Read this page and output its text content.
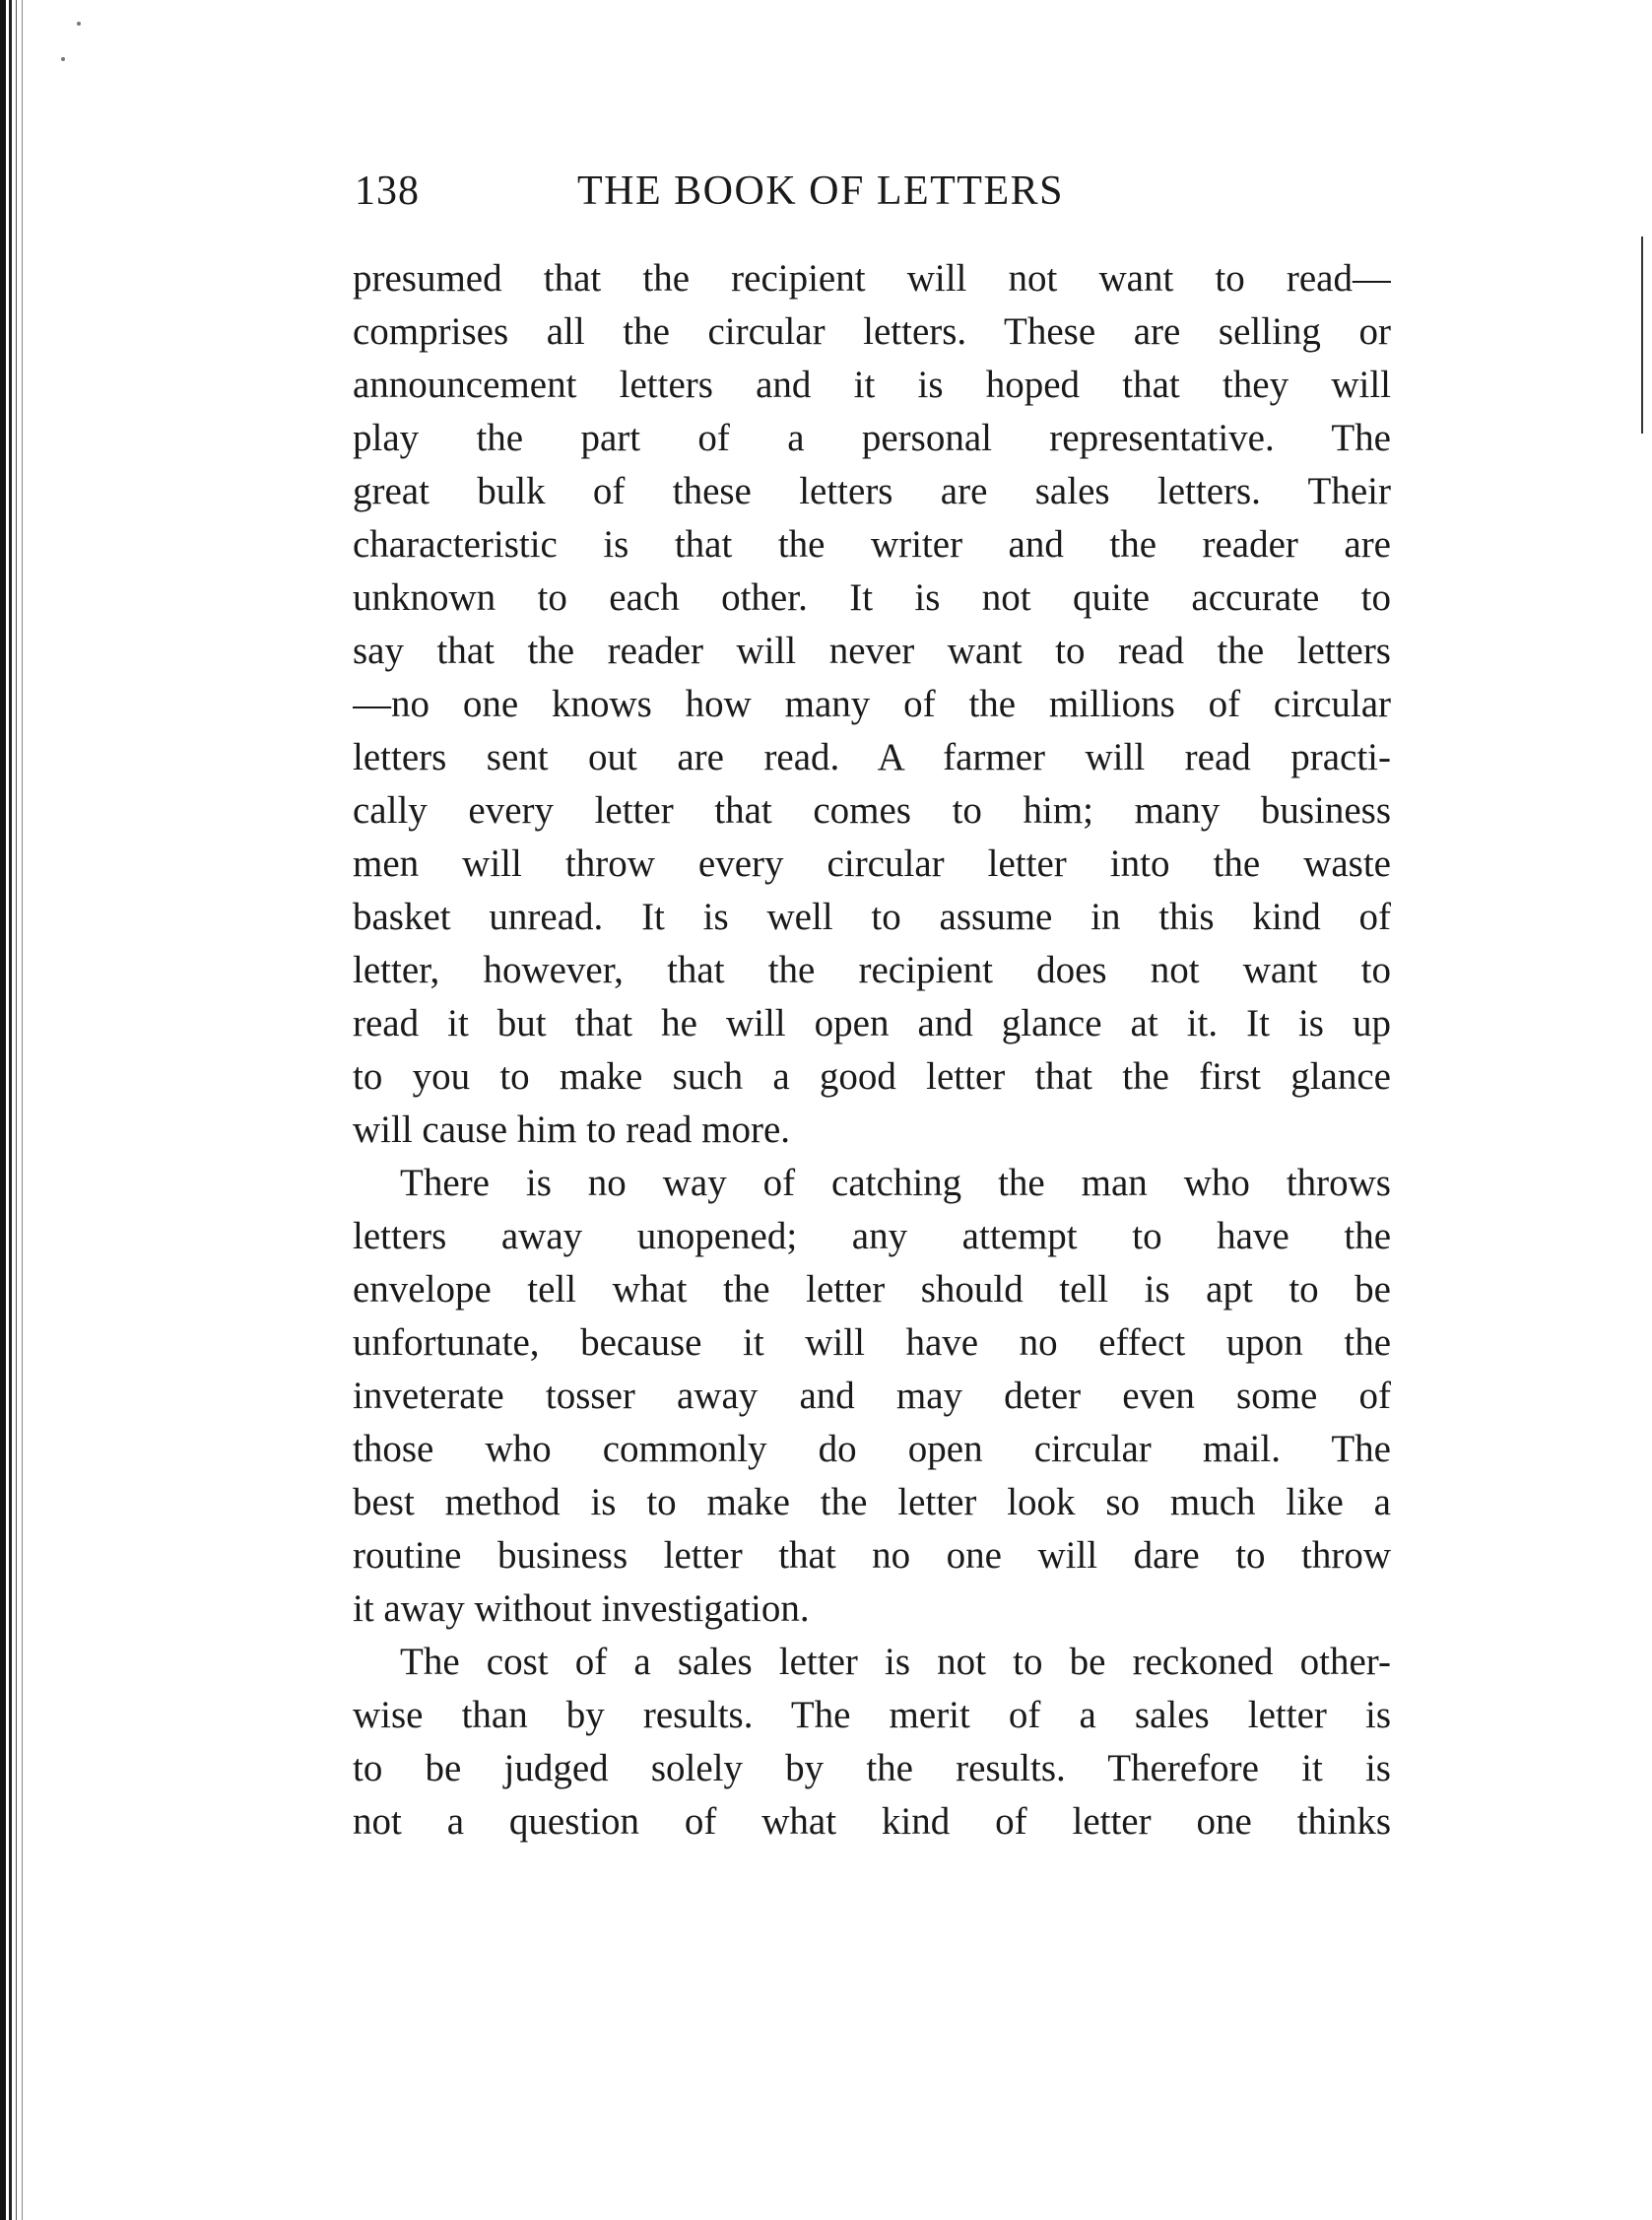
138	THE BOOK OF LETTERS
presumed that the recipient will not want to read—
comprises all the circular letters. These are selling or
announcement letters and it is hoped that they will
play the part of a personal representative. The
great bulk of these letters are sales letters. Their
characteristic is that the writer and the reader are
unknown to each other. It is not quite accurate to
say that the reader will never want to read the letters
—no one knows how many of the millions of circular
letters sent out are read. A farmer will read practi-
cally every letter that comes to him; many business
men will throw every circular letter into the waste
basket unread. It is well to assume in this kind of
letter, however, that the recipient does not want to
read it but that he will open and glance at it. It is up
to you to make such a good letter that the first glance
will cause him to read more.
There is no way of catching the man who throws
letters away unopened; any attempt to have the
envelope tell what the letter should tell is apt to be
unfortunate, because it will have no effect upon the
inveterate tosser away and may deter even some of
those who commonly do open circular mail. The
best method is to make the letter look so much like a
routine business letter that no one will dare to throw
it away without investigation.
The cost of a sales letter is not to be reckoned other-
wise than by results. The merit of a sales letter is
to be judged solely by the results. Therefore it is
not a question of what kind of letter one thinks
